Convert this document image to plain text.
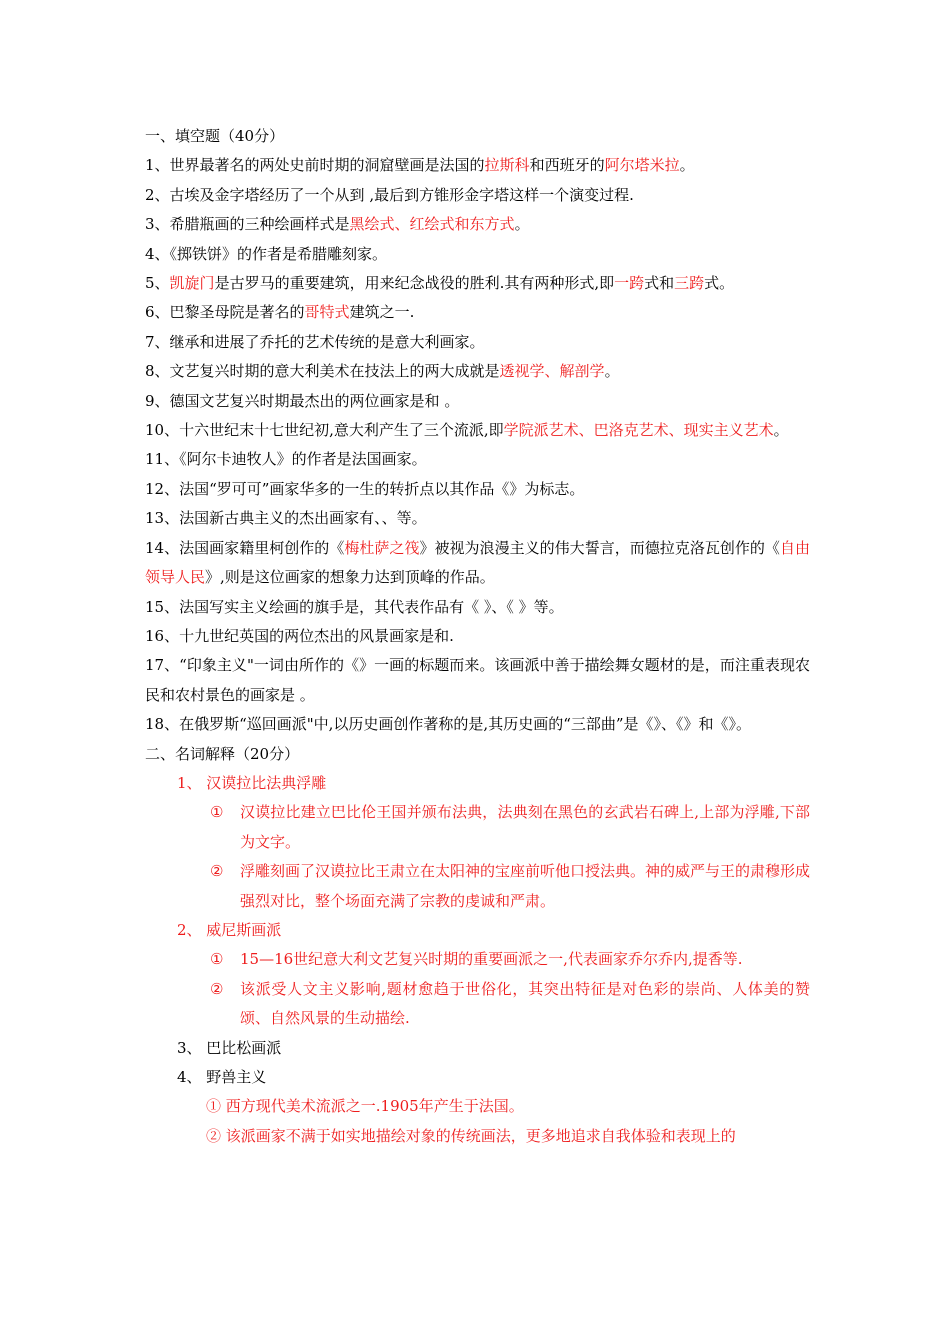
一、填空题（40分）
1、世界最著名的两处史前时期的洞窟壁画是法国的拉斯科和西班牙的阿尔塔米拉。
2、古埃及金字塔经历了一个从到 ,最后到方锥形金字塔这样一个演变过程.
3、希腊瓶画的三种绘画样式是黑绘式、红绘式和东方式。
4、《掷铁饼》的作者是希腊雕刻家。
5、凯旋门是古罗马的重要建筑，用来纪念战役的胜利.其有两种形式,即一跨式和三跨式。
6、巴黎圣母院是著名的哥特式建筑之一.
7、继承和进展了乔托的艺术传统的是意大利画家。
8、文艺复兴时期的意大利美术在技法上的两大成就是透视学、解剖学。
9、德国文艺复兴时期最杰出的两位画家是和 。
10、十六世纪末十七世纪初,意大利产生了三个流派,即学院派艺术、巴洛克艺术、现实主义艺术。
11、《阿尔卡迪牧人》的作者是法国画家。
12、法国“罗可可”画家华多的一生的转折点以其作品《》为标志。
13、法国新古典主义的杰出画家有、、等。
14、法国画家籍里柯创作的《梅杜萨之筏》被视为浪漫主义的伟大誓言，而德拉克洛瓦创作的《自由领导人民》,则是这位画家的想象力达到顶峰的作品。
15、法国写实主义绘画的旗手是，其代表作品有《 》、《 》等。
16、十九世纪英国的两位杰出的风景画家是和.
17、“印象主义"一词由所作的《》一画的标题而来。该画派中善于描绘舞女题材的是，而注重表现农民和农村景色的画家是 。
18、在俄罗斯“巡回画派"中,以历史画创作著称的是,其历史画的“三部曲”是《》、《》和《》。
二、名词解释（20分）
1、 汉谟拉比法典浮雕
① 汉谟拉比建立巴比伦王国并颁布法典，法典刻在黑色的玄武岩石碑上,上部为浮雕,下部为文字。
② 浮雕刻画了汉谟拉比王肃立在太阳神的宝座前听他口授法典。神的威严与王的肃穆形成强烈对比，整个场面充满了宗教的虔诚和严肃。
2、 威尼斯画派
① 15—16世纪意大利文艺复兴时期的重要画派之一,代表画家乔尔乔内,提香等.
② 该派受人文主义影响,题材愈趋于世俗化，其突出特征是对色彩的崇尚、人体美的赞颂、自然风景的生动描绘.
3、 巴比松画派
4、 野兽主义
① 西方现代美术流派之一.1905年产生于法国。
② 该派画家不满于如实地描绘对象的传统画法，更多地追求自我体验和表现上的
